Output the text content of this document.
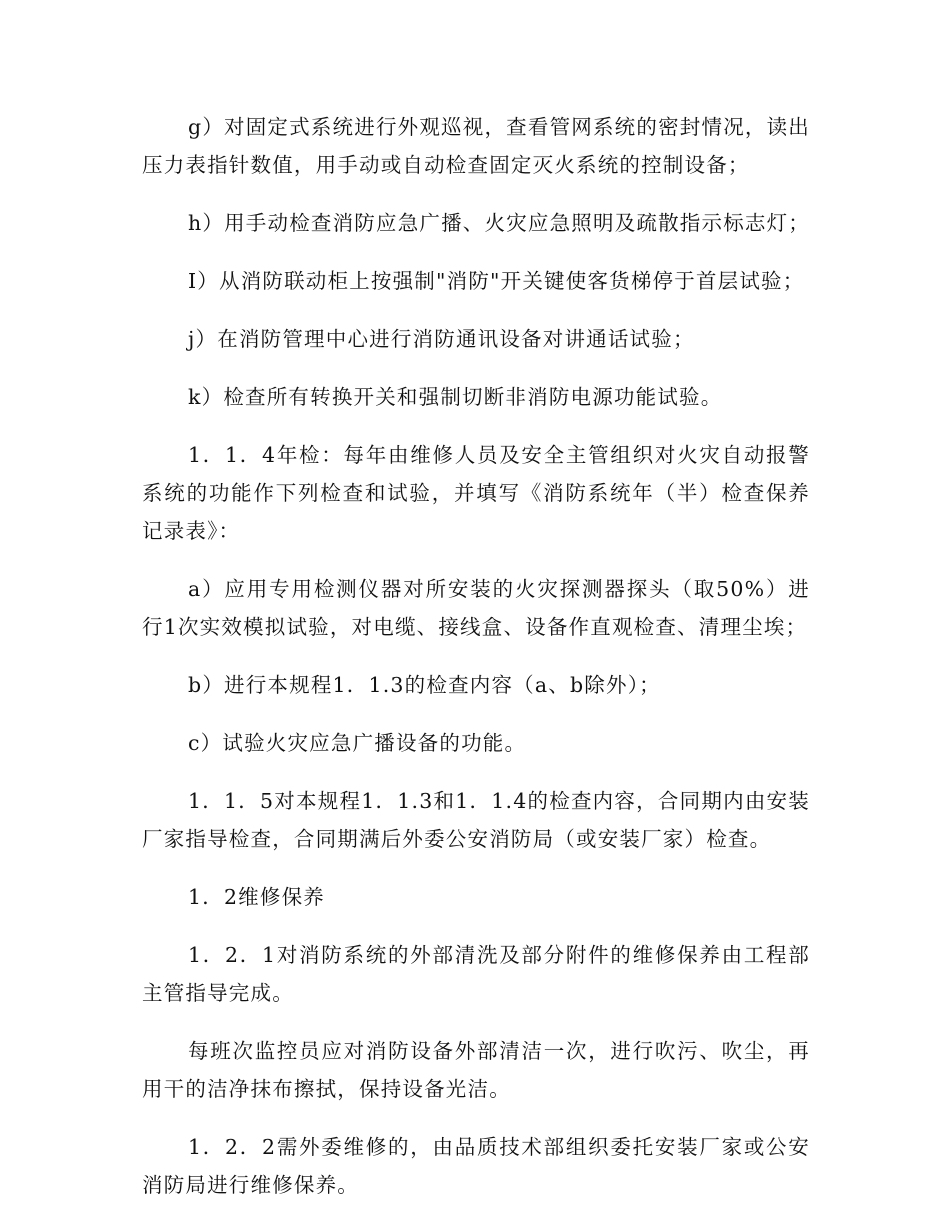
g）对固定式系统进行外观巡视，查看管网系统的密封情况，读出压力表指针数值，用手动或自动检查固定灭火系统的控制设备；

h）用手动检查消防应急广播、火灾应急照明及疏散指示标志灯；

I）从消防联动柜上按强制"消防"开关键使客货梯停于首层试验；

j）在消防管理中心进行消防通讯设备对讲通话试验；

k）检查所有转换开关和强制切断非消防电源功能试验。

1．1．4年检：每年由维修人员及安全主管组织对火灾自动报警系统的功能作下列检查和试验，并填写《消防系统年（半）检查保养记录表》：

a）应用专用检测仪器对所安装的火灾探测器探头（取50%）进行1次实效模拟试验，对电缆、接线盒、设备作直观检查、清理尘埃；

b）进行本规程1．1.3的检查内容（a、b除外）；

c）试验火灾应急广播设备的功能。

1．1．5对本规程1．1.3和1．1.4的检查内容，合同期内由安装厂家指导检查，合同期满后外委公安消防局（或安装厂家）检查。

1．2维修保养

1．2．1对消防系统的外部清洗及部分附件的维修保养由工程部主管指导完成。

每班次监控员应对消防设备外部清洁一次，进行吹污、吹尘，再用干的洁净抹布擦拭，保持设备光洁。

1．2．2需外委维修的，由品质技术部组织委托安装厂家或公安消防局进行维修保养。
